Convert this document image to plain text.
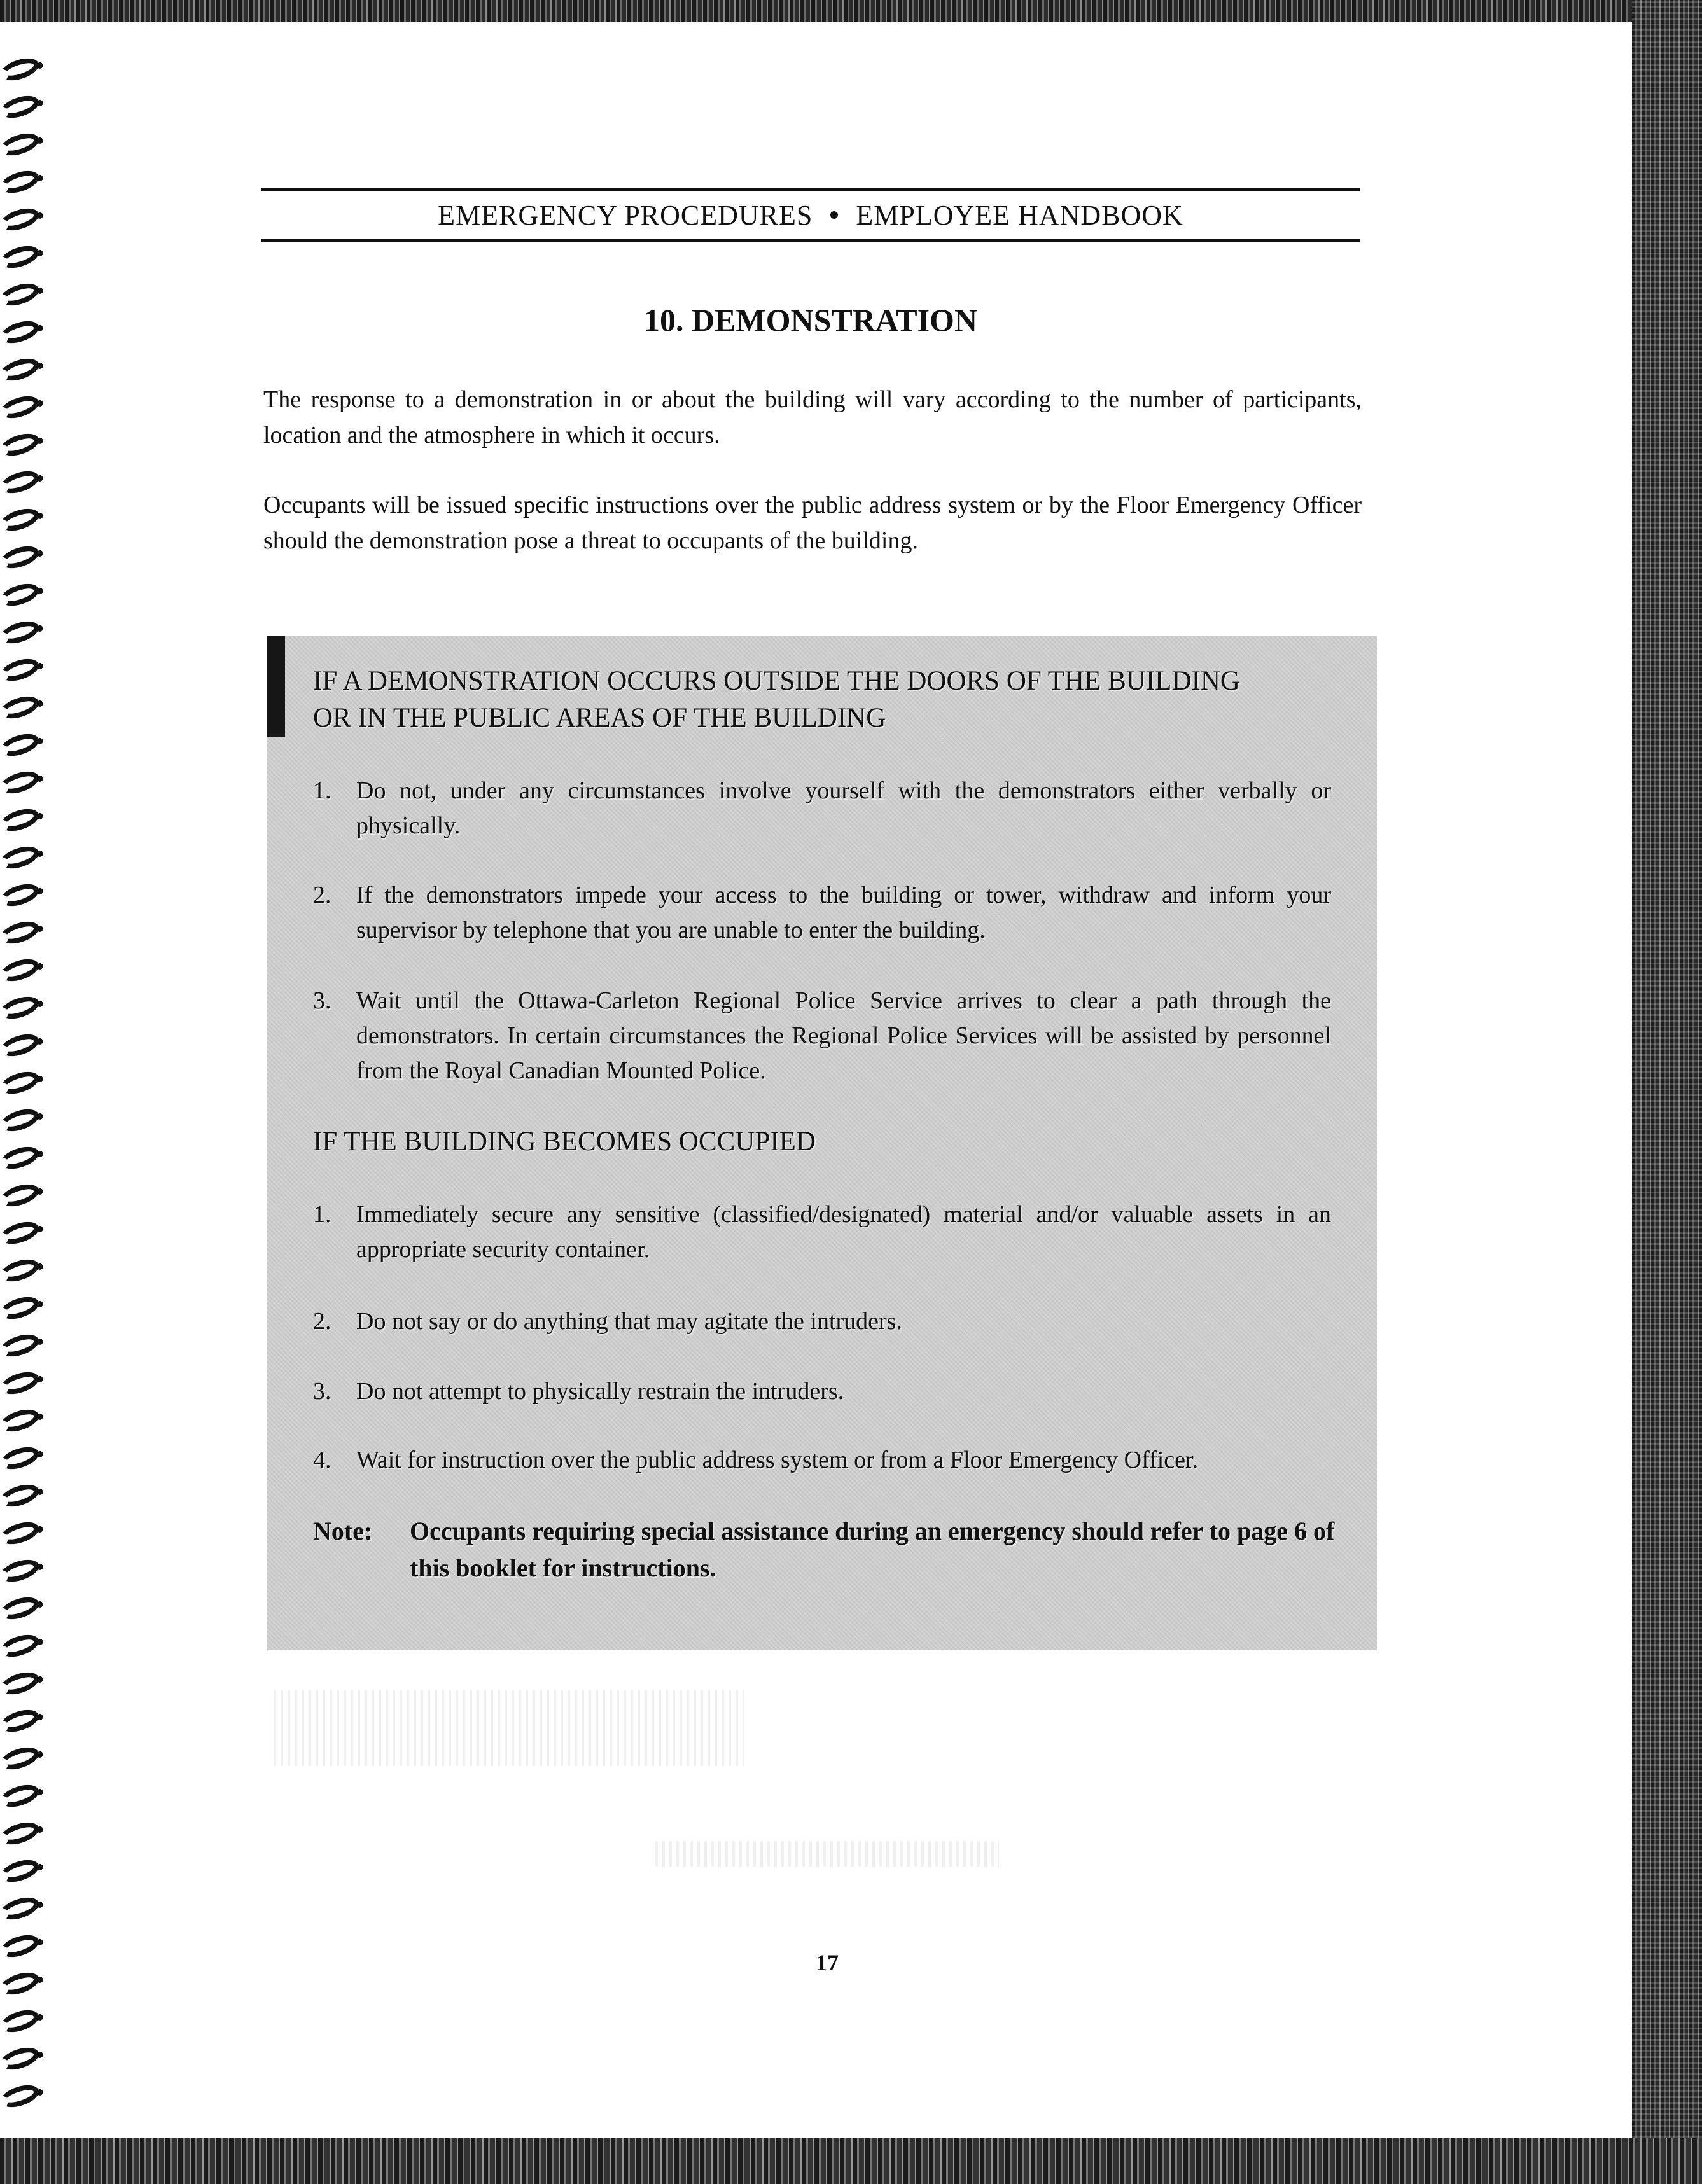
EMERGENCY PROCEDURES EMPLOYEE HANDBOOK
10. DEMONSTRATION

The response to a demonstration in or about the building will vary according to the number of participants, location and the atmosphere in which it occurs.

Occupants will be issued specific instructions over the public address system or by the Floor Emergency Officer should the demonstration pose a threat to occupants of the building.

IF A DEMONSTRATION OCCURS OUTSIDE THE DOORS OF THE BUILDING OR IN THE PUBLIC AREAS OF THE BUILDING

1.	Do not, under any circumstances involve yourself with the demonstrators either verbally or physically.
2.	If the demonstrators impede your access to the building or tower, withdraw and inform your supervisor by telephone that you are unable to enter the building.
3.	Wait until the Ottawa-Carleton Regional Police Service arrives to clear a path through the demonstrators. In certain circumstances the Regional Police Services will be assisted by personnel from the Royal Canadian Mounted Police.

IF THE BUILDING BECOMES OCCUPIED

1.	Immediately secure any sensitive (classified/designated) material and/or valuable assets in an appropriate security container.
2.	Do not say or do anything that may agitate the intruders.
3.	Do not attempt to physically restrain the intruders.
4.	Wait for instruction over the public address system or from a Floor Emergency Officer.
Note:	Occupants requiring special assistance during an emergency should refer to page 6 of this booklet for instructions.
17
